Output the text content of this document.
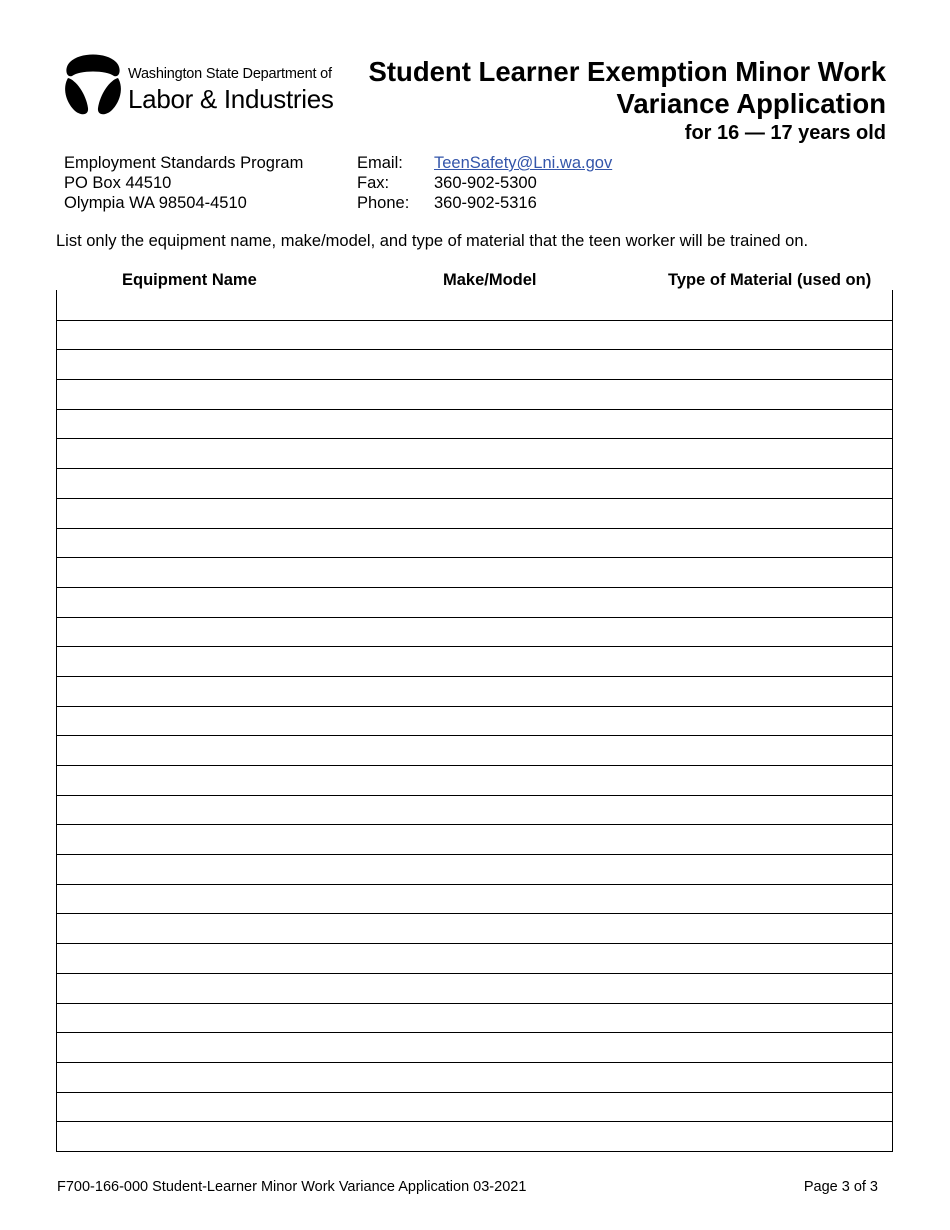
Washington State Department of
Labor & Industries
Student Learner Exemption Minor Work
Variance Application
for 16 — 17 years old
Employment Standards Program
PO Box 44510
Olympia WA 98504-4510
Email:	TeenSafety@Lni.wa.gov
Fax:	360-902-5300
Phone:	360-902-5316
List only the equipment name, make/model, and type of material that the teen worker will be trained on.
Equipment Name	Make/Model	Type of Material (used on)
F700-166-000 Student-Learner Minor Work Variance Application 03-2021	Page 3 of 3
